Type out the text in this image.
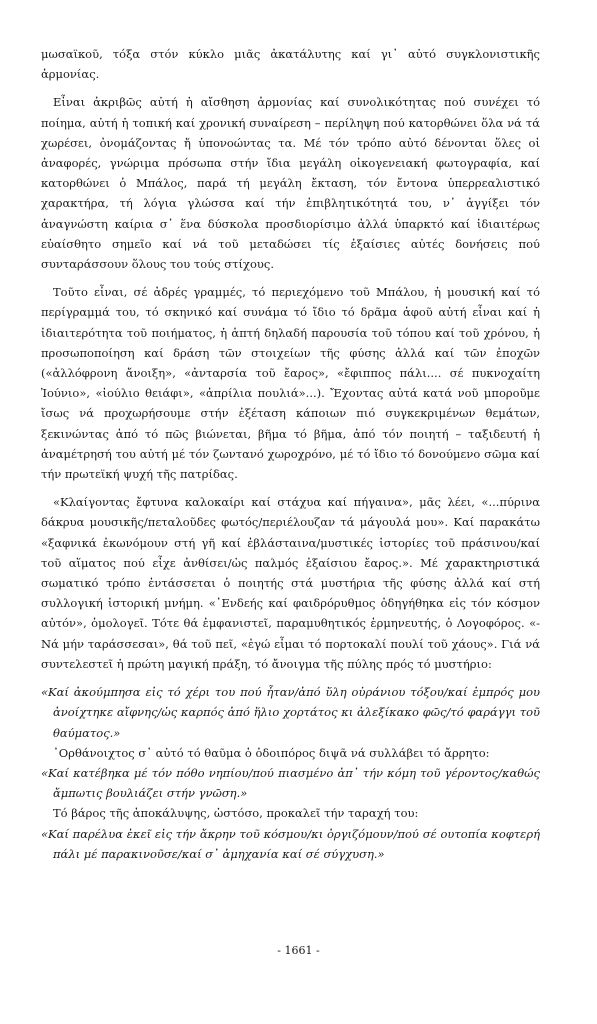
μωσαϊκοῦ, τόξα στόν κύκλο μιᾶς ἀκατάλυτης καί γι᾽ αὐτό συγκλονιστικῆς ἁρμονίας.

Εἶναι ἀκριβῶς αὐτή ἡ αἴσθηση ἁρμονίας καί συνολικότητας πού συνέχει τό ποίημα, αὐτή ἡ τοπική καί χρονική συναίρεση – περίληψη πού κατορθώνει ὅλα νά τά χωρέσει, ὀνομάζοντας ἤ ὑπονοώντας τα. Μέ τόν τρόπο αὐτό δένονται ὅλες οἱ ἀναφορές, γνώριμα πρόσωπα στήν ἴδια μεγάλη οἰκογενειακή φωτογραφία, καί κατορθώνει ὁ Μπάλος, παρά τή μεγάλη ἔκταση, τόν ἔντονα ὑπερρεαλιστικό χαρακτήρα, τή λόγια γλώσσα καί τήν ἐπιβλητικότητά του, ν᾽ ἀγγίξει τόν ἀναγνώστη καίρια σ᾽ ἕνα δύσκολα προσδιορίσιμο ἀλλά ὑπαρκτό καί ἰδιαιτέρως εὐαίσθητο σημεῖο καί νά τοῦ μεταδώσει τίς ἐξαίσιες αὐτές δονήσεις πού συνταράσσουν ὅλους του τούς στίχους.

Τοῦτο εἶναι, σέ ἀδρές γραμμές, τό περιεχόμενο τοῦ Μπάλου, ἡ μουσική καί τό περίγραμμά του, τό σκηνικό καί συνάμα τό ἴδιο τό δρᾶμα ἀφοῦ αὐτή εἶναι καί ἡ ἰδιαιτερότητα τοῦ ποιήματος, ἡ ἁπτή δηλαδή παρουσία τοῦ τόπου καί τοῦ χρόνου, ἡ προσωποποίηση καί δράση τῶν στοιχείων τῆς φύσης ἀλλά καί τῶν ἐποχῶν («ἀλλόφρονη ἄνοιξη», «ἀνταρσία τοῦ ἔαρος», «ἔφιππος πάλι.... σέ πυκνοχαίτη Ἰούνιο», «ἰούλιο θειάφι», «ἀπρίλια πουλιά»...). Ἔχοντας αὐτά κατά νοῦ μποροῦμε ἴσως νά προχωρήσουμε στήν ἐξέταση κάποιων πιό συγκεκριμένων θεμάτων, ξεκινώντας ἀπό τό πῶς βιώνεται, βῆμα τό βῆμα, ἀπό τόν ποιητή – ταξιδευτή ἡ ἀναμέτρησή του αὐτή μέ τόν ζωντανό χωροχρόνο, μέ τό ἴδιο τό δονούμενο σῶμα καί τήν πρωτεϊκή ψυχή τῆς πατρίδας.

«Κλαίγοντας ἔφτυνα καλοκαίρι καί στάχυα καί πήγαινα», μᾶς λέει, «...πύρινα δάκρυα μουσικῆς/πεταλοῦδες φωτός/περιέλουζαν τά μάγουλά μου». Καί παρακάτω «ξαφνικά ἐκωνόμουν στή γῆ καί ἐβλάσταινα/μυστικές ἱστορίες τοῦ πράσινου/καί τοῦ αἵματος πού εἶχε ἀνθίσει/ὡς παλμός ἐξαίσιου ἔαρος.». Μέ χαρακτηριστικά σωματικό τρόπο ἐντάσσεται ὁ ποιητής στά μυστήρια τῆς φύσης ἀλλά καί στή συλλογική ἱστορική μνήμη. «᾽Ενδεής καί φαιδρόρυθμος ὁδηγήθηκα εἰς τόν κόσμον αὐτόν», ὁμολογεῖ. Τότε θά ἐμφανιστεῖ, παραμυθητικός ἑρμηνευτής, ὁ Λογοφόρος. «-Νά μήν ταράσσεσαι», θά τοῦ πεῖ, «ἐγώ εἶμαι τό πορτοκαλί πουλί τοῦ χάους». Γιά νά συντελεστεῖ ἡ πρώτη μαγική πράξη, τό ἄνοιγμα τῆς πύλης πρός τό μυστήριο:

«Καί ἀκούμπησα εἰς τό χέρι του πού ἦταν/ἀπό ὕλη οὐράνιου τόξου/καί ἐμπρός μου ἀνοίχτηκε αἴφνης/ὡς καρπός ἀπό ἥλιο χορτάτος κι ἀλεξίκακο φῶς/τό φαράγγι τοῦ θαύματος.»

᾽Ορθάνοιχτος σ᾽ αὐτό τό θαῦμα ὁ ὁδοιπόρος διψᾶ νά συλλάβει τό ἄρρητο:

«Καί κατέβηκα μέ τόν πόθο νηπίου/πού πιασμένο ἀπ᾽ τήν κόμη τοῦ γέροντος/καθώς ἄμπωτις βουλιάζει στήν γνῶση.»

Τό βάρος τῆς ἀποκάλυψης, ὡστόσο, προκαλεῖ τήν ταραχή του:

«Καί παρέλυα ἐκεῖ εἰς τήν ἄκρην τοῦ κόσμου/κι ὀργιζόμουν/πού σέ ουτοπία κοφτερή πάλι μέ παρακινοῦσε/καί σ᾽ ἀμηχανία καί σέ σύγχυση.»

- 1661 -
